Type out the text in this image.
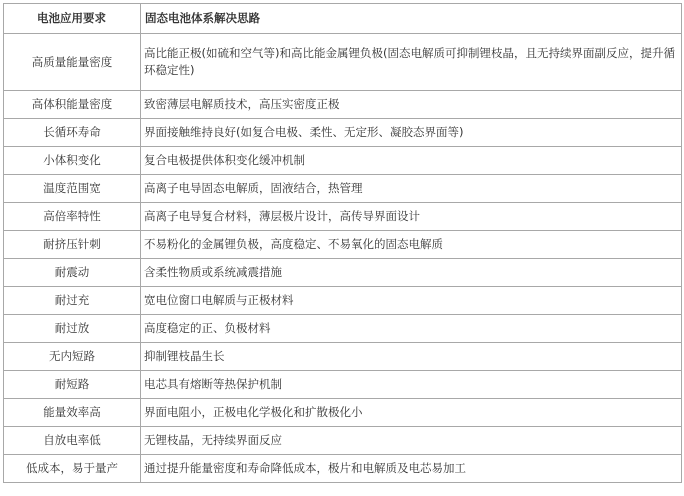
电池应用要求	固态电池体系解决思路
高质量能量密度	高比能正极(如硫和空气等)和高比能金属锂负极(固态电解质可抑制锂枝晶，且无持续界面副反应，提升循环稳定性)
高体积能量密度	致密薄层电解质技术，高压实密度正极
长循环寿命	界面接触维持良好(如复合电极、柔性、无定形、凝胶态界面等)
小体积变化	复合电极提供体积变化缓冲机制
温度范围宽	高离子电导固态电解质，固液结合，热管理
高倍率特性	高离子电导复合材料，薄层极片设计，高传导界面设计
耐挤压针刺	不易粉化的金属锂负极，高度稳定、不易氧化的固态电解质
耐震动	含柔性物质或系统减震措施
耐过充	宽电位窗口电解质与正极材料
耐过放	高度稳定的正、负极材料
无内短路	抑制锂枝晶生长
耐短路	电芯具有熔断等热保护机制
能量效率高	界面电阻小，正极电化学极化和扩散极化小
自放电率低	无锂枝晶，无持续界面反应
低成本，易于量产	通过提升能量密度和寿命降低成本，极片和电解质及电芯易加工
